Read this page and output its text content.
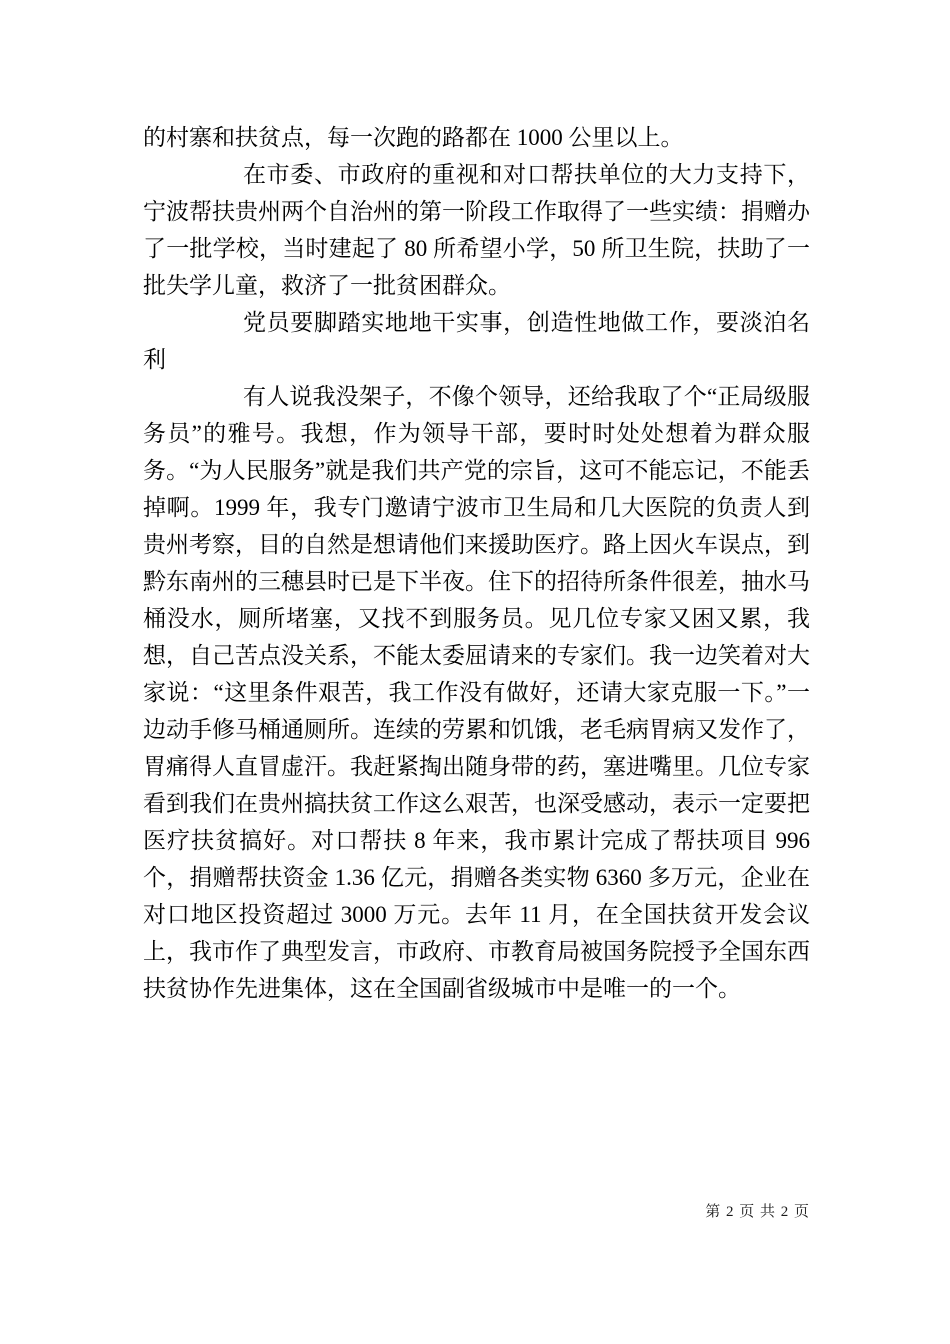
的村寨和扶贫点，每一次跑的路都在 1000 公里以上。

在市委、市政府的重视和对口帮扶单位的大力支持下，宁波帮扶贵州两个自治州的第一阶段工作取得了一些实绩：捐赠办了一批学校，当时建起了 80 所希望小学，50 所卫生院，扶助了一批失学儿童，救济了一批贫困群众。

党员要脚踏实地地干实事，创造性地做工作，要淡泊名利

有人说我没架子，不像个领导，还给我取了个“正局级服务员”的雅号。我想，作为领导干部，要时时处处想着为群众服务。“为人民服务”就是我们共产党的宗旨，这可不能忘记，不能丢掉啊。1999 年，我专门邀请宁波市卫生局和几大医院的负责人到贵州考察，目的自然是想请他们来援助医疗。路上因火车误点，到黔东南州的三穗县时已是下半夜。住下的招待所条件很差，抽水马桶没水，厕所堵塞，又找不到服务员。见几位专家又困又累，我想，自己苦点没关系，不能太委屈请来的专家们。我一边笑着对大家说：“这里条件艰苦，我工作没有做好，还请大家克服一下。”一边动手修马桶通厕所。连续的劳累和饥饿，老毛病胃病又发作了，胃痛得人直冒虚汗。我赶紧掏出随身带的药，塞进嘴里。几位专家看到我们在贵州搞扶贫工作这么艰苦，也深受感动，表示一定要把医疗扶贫搞好。对口帮扶 8 年来，我市累计完成了帮扶项目 996 个，捐赠帮扶资金 1.36 亿元，捐赠各类实物 6360 多万元，企业在对口地区投资超过 3000 万元。去年 11 月，在全国扶贫开发会议上，我市作了典型发言，市政府、市教育局被国务院授予全国东西扶贫协作先进集体，这在全国副省级城市中是唯一的一个。

第 2 页 共 2 页
